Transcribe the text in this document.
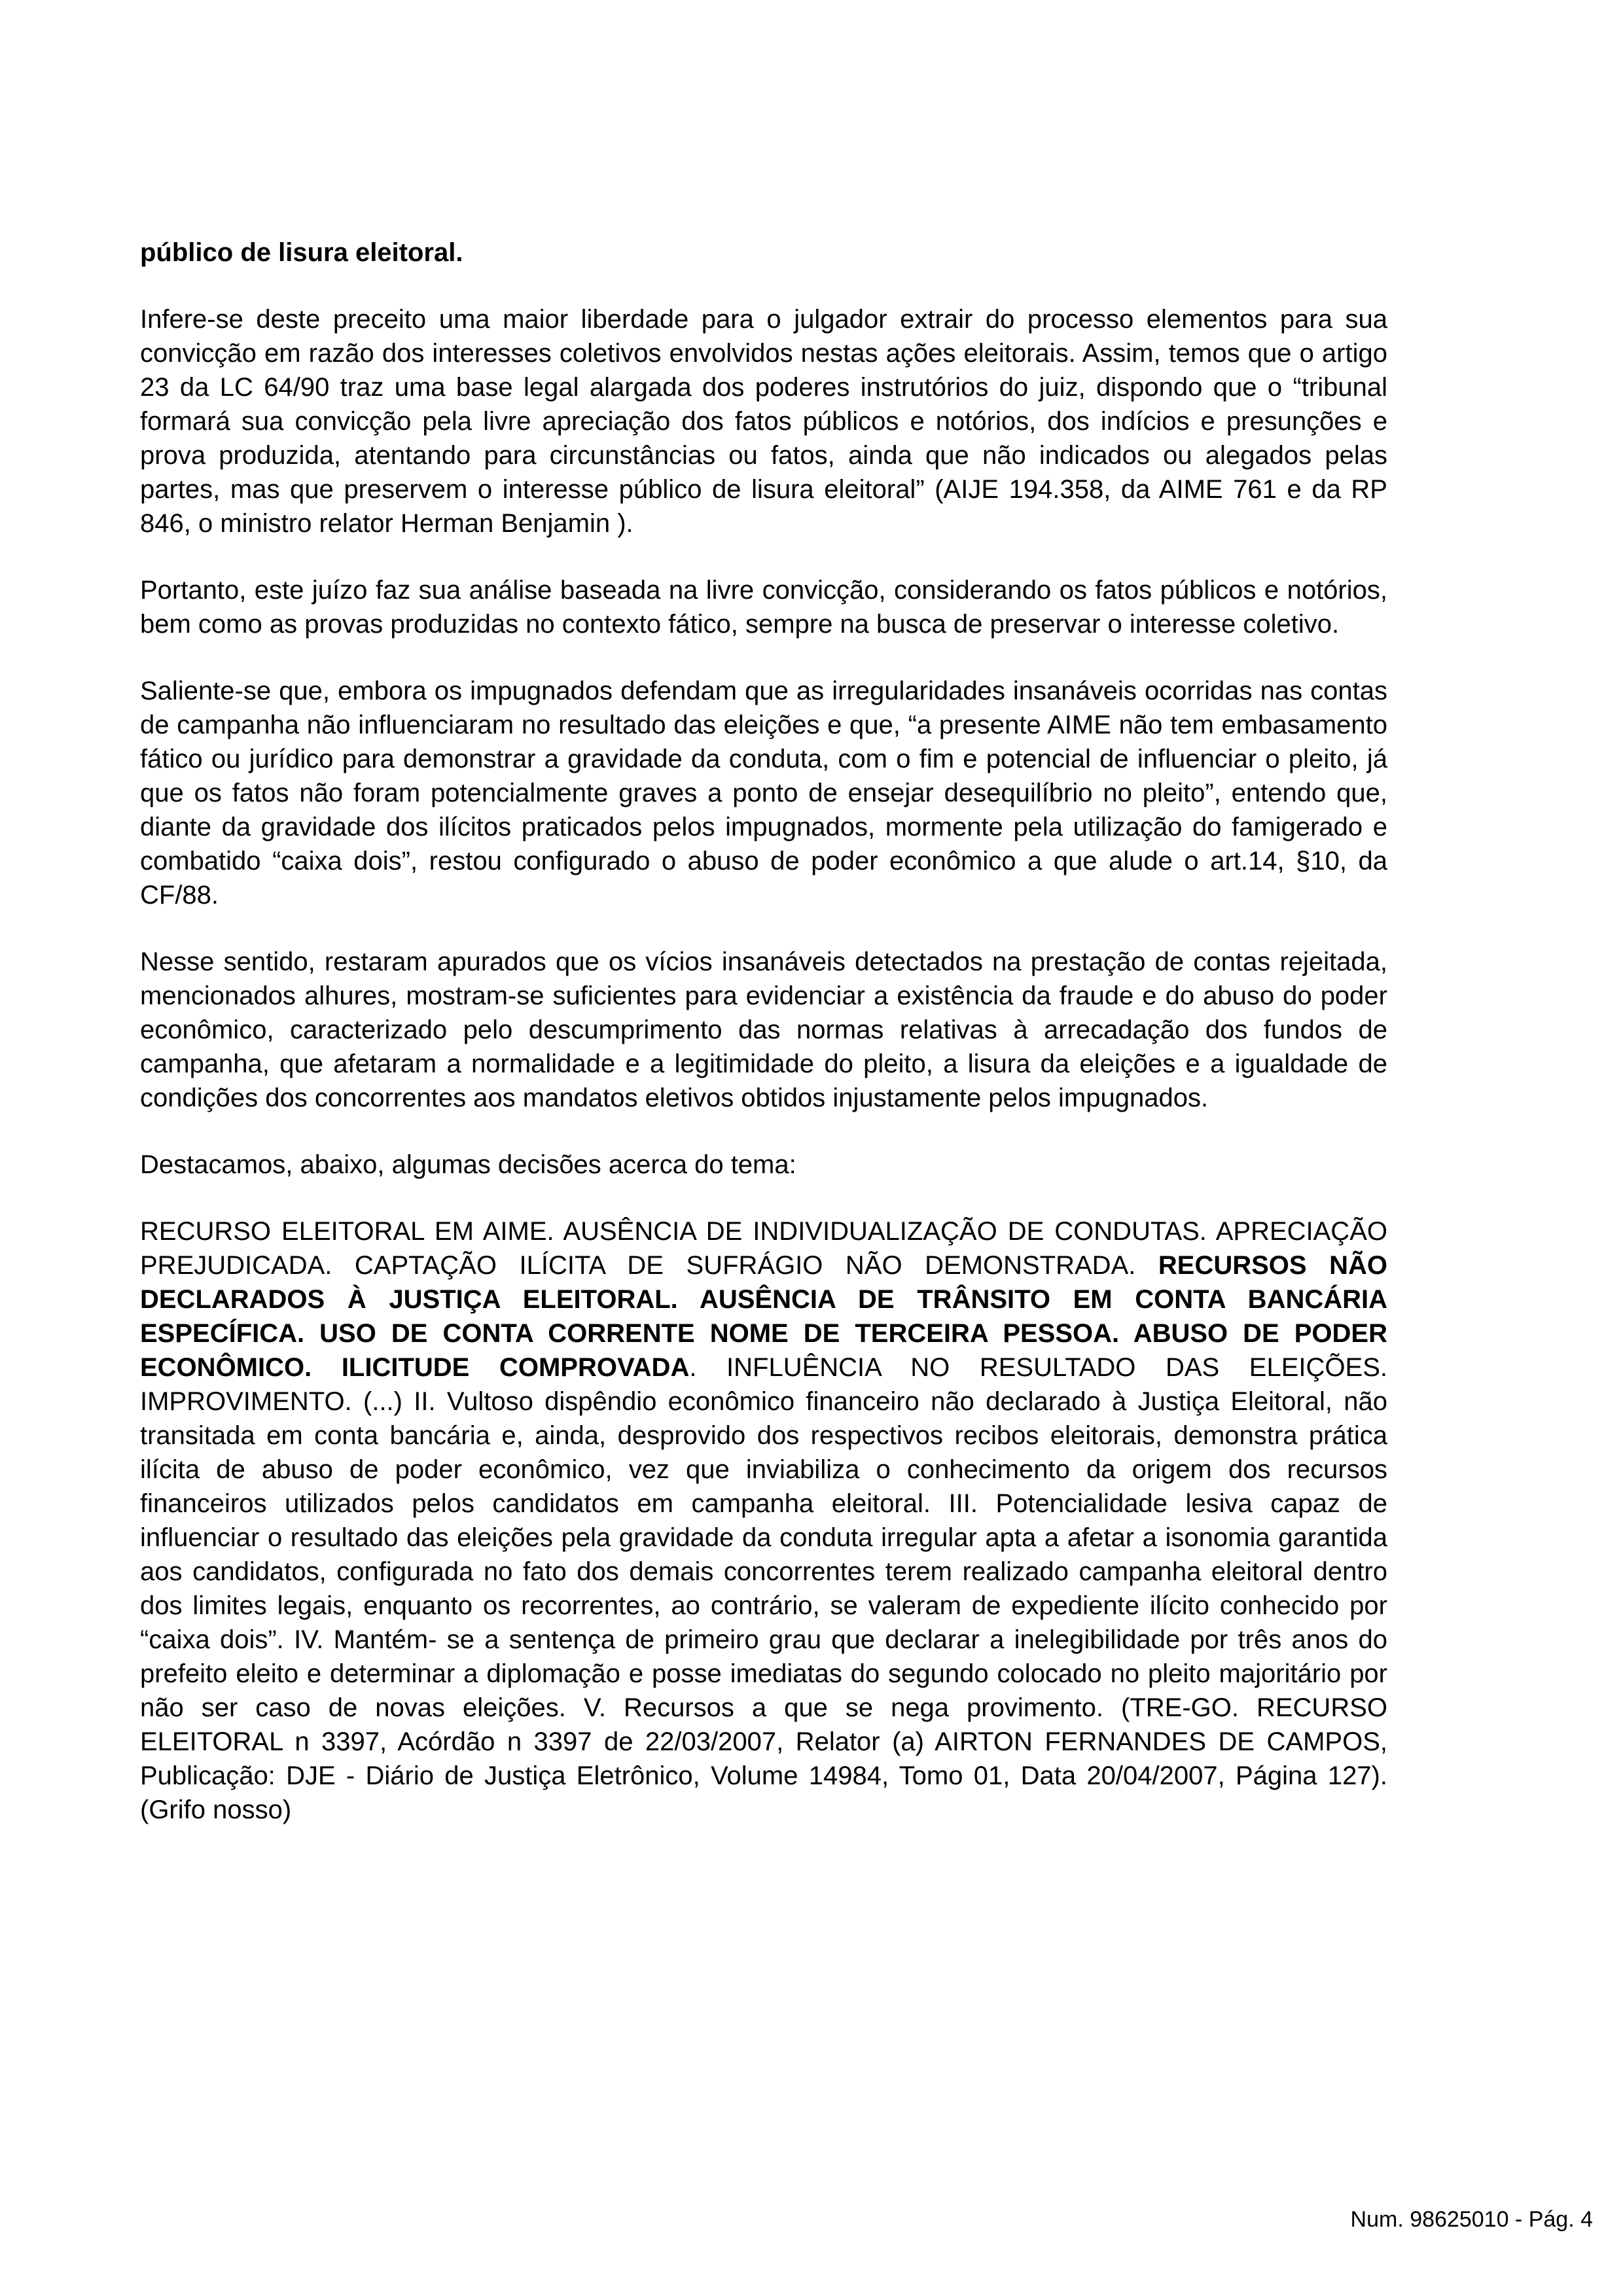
público de lisura eleitoral.

Infere-se deste preceito uma maior liberdade para o julgador extrair do processo elementos para sua convicção em razão dos interesses coletivos envolvidos nestas ações eleitorais. Assim, temos que o artigo 23 da LC 64/90 traz uma base legal alargada dos poderes instrutórios do juiz, dispondo que o “tribunal formará sua convicção pela livre apreciação dos fatos públicos e notórios, dos indícios e presunções e prova produzida, atentando para circunstâncias ou fatos, ainda que não indicados ou alegados pelas partes, mas que preservem o interesse público de lisura eleitoral” (AIJE 194.358, da AIME 761 e da RP 846, o ministro relator Herman Benjamin ).

Portanto, este juízo faz sua análise baseada na livre convicção, considerando os fatos públicos e notórios, bem como as provas produzidas no contexto fático, sempre na busca de preservar o interesse coletivo.

Saliente-se que, embora os impugnados defendam que as irregularidades insanáveis ocorridas nas contas de campanha não influenciaram no resultado das eleições e que, “a presente AIME não tem embasamento fático ou jurídico para demonstrar a gravidade da conduta, com o fim e potencial de influenciar o pleito, já que os fatos não foram potencialmente graves a ponto de ensejar desequilíbrio no pleito”, entendo que, diante da gravidade dos ilícitos praticados pelos impugnados, mormente pela utilização do famigerado e combatido “caixa dois”, restou configurado o abuso de poder econômico a que alude o art.14, §10, da CF/88.

Nesse sentido, restaram apurados que os vícios insanáveis detectados na prestação de contas rejeitada, mencionados alhures, mostram-se suficientes para evidenciar a existência da fraude e do abuso do poder econômico, caracterizado pelo descumprimento das normas relativas à arrecadação dos fundos de campanha, que afetaram a normalidade e a legitimidade do pleito, a lisura da eleições e a igualdade de condições dos concorrentes aos mandatos eletivos obtidos injustamente pelos impugnados.

Destacamos, abaixo, algumas decisões acerca do tema:

RECURSO ELEITORAL EM AIME. AUSÊNCIA DE INDIVIDUALIZAÇÃO DE CONDUTAS. APRECIAÇÃO PREJUDICADA. CAPTAÇÃO ILÍCITA DE SUFRÁGIO NÃO DEMONSTRADA. RECURSOS NÃO DECLARADOS À JUSTIÇA ELEITORAL. AUSÊNCIA DE TRÂNSITO EM CONTA BANCÁRIA ESPECÍFICA. USO DE CONTA CORRENTE NOME DE TERCEIRA PESSOA. ABUSO DE PODER ECONÔMICO. ILICITUDE COMPROVADA. INFLUÊNCIA NO RESULTADO DAS ELEIÇÕES. IMPROVIMENTO. (...) II. Vultoso dispêndio econômico financeiro não declarado à Justiça Eleitoral, não transitada em conta bancária e, ainda, desprovido dos respectivos recibos eleitorais, demonstra prática ilícita de abuso de poder econômico, vez que inviabiliza o conhecimento da origem dos recursos financeiros utilizados pelos candidatos em campanha eleitoral. III. Potencialidade lesiva capaz de influenciar o resultado das eleições pela gravidade da conduta irregular apta a afetar a isonomia garantida aos candidatos, configurada no fato dos demais concorrentes terem realizado campanha eleitoral dentro dos limites legais, enquanto os recorrentes, ao contrário, se valeram de expediente ilícito conhecido por “caixa dois”. IV. Mantém- se a sentença de primeiro grau que declarar a inelegibilidade por três anos do prefeito eleito e determinar a diplomação e posse imediatas do segundo colocado no pleito majoritário por não ser caso de novas eleições. V. Recursos a que se nega provimento. (TRE-GO. RECURSO ELEITORAL n 3397, Acórdão n 3397 de 22/03/2007, Relator (a) AIRTON FERNANDES DE CAMPOS, Publicação: DJE - Diário de Justiça Eletrônico, Volume 14984, Tomo 01, Data 20/04/2007, Página 127). (Grifo nosso)

Num. 98625010 - Pág. 4
